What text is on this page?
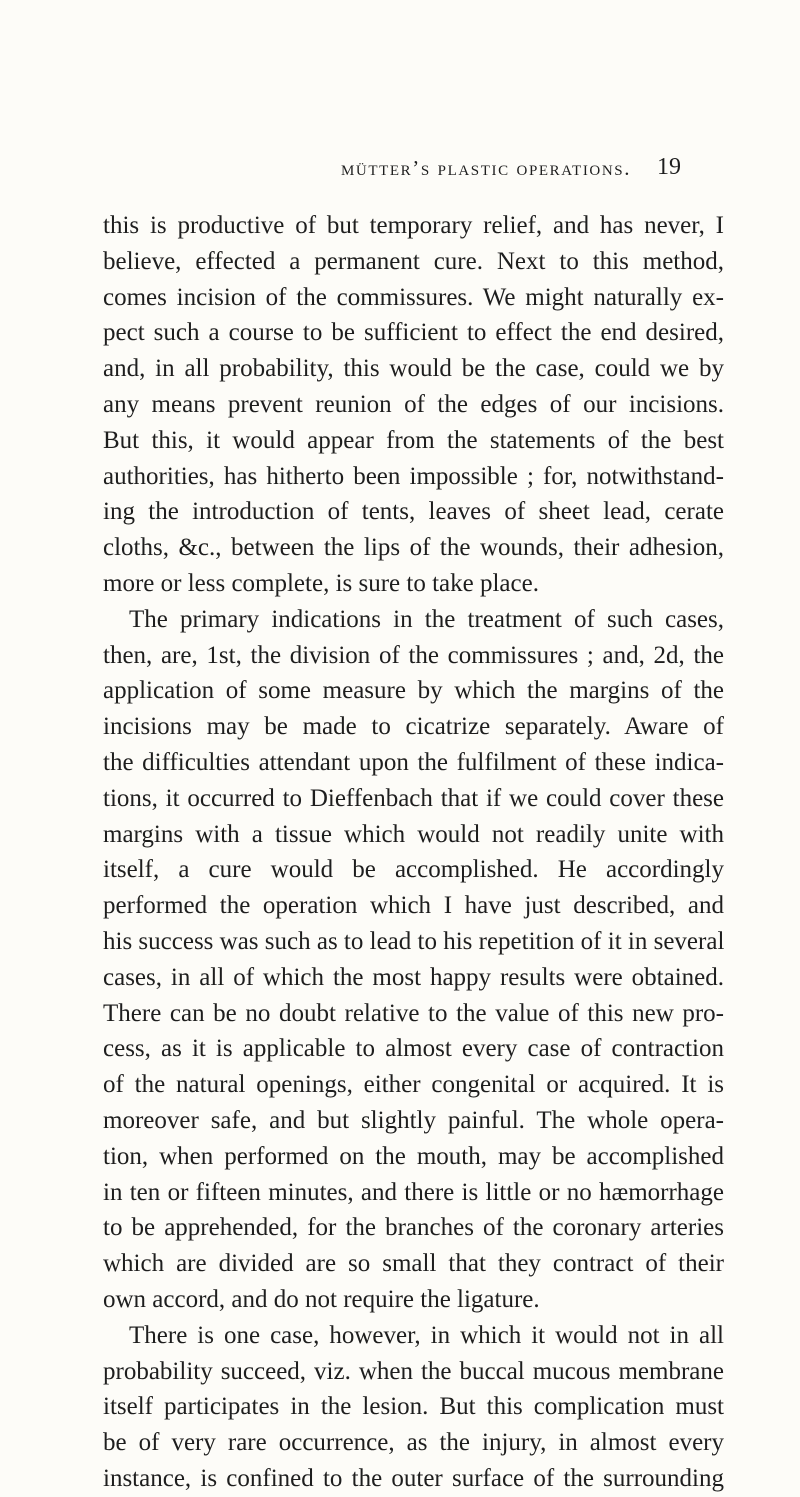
mütter’s plastic operations. 19
this is productive of but temporary relief, and has never, I
believe, effected a permanent cure. Next to this method,
comes incision of the commissures. We might naturally ex-
pect such a course to be sufficient to effect the end desired,
and, in all probability, this would be the case, could we by
any means prevent reunion of the edges of our incisions.
But this, it would appear from the statements of the best
authorities, has hitherto been impossible ; for, notwithstand-
ing the introduction of tents, leaves of sheet lead, cerate
cloths, &c., between the lips of the wounds, their adhesion,
more or less complete, is sure to take place.
The primary indications in the treatment of such cases,
then, are, 1st, the division of the commissures ; and, 2d, the
application of some measure by which the margins of the
incisions may be made to cicatrize separately. Aware of
the difficulties attendant upon the fulfilment of these indica-
tions, it occurred to Dieffenbach that if we could cover these
margins with a tissue which would not readily unite with
itself, a cure would be accomplished. He accordingly
performed the operation which I have just described, and
his success was such as to lead to his repetition of it in several
cases, in all of which the most happy results were obtained.
There can be no doubt relative to the value of this new pro-
cess, as it is applicable to almost every case of contraction
of the natural openings, either congenital or acquired. It is
moreover safe, and but slightly painful. The whole opera-
tion, when performed on the mouth, may be accomplished
in ten or fifteen minutes, and there is little or no hæmorrhage
to be apprehended, for the branches of the coronary arteries
which are divided are so small that they contract of their
own accord, and do not require the ligature.
There is one case, however, in which it would not in all
probability succeed, viz. when the buccal mucous membrane
itself participates in the lesion. But this complication must
be of very rare occurrence, as the injury, in almost every
instance, is confined to the outer surface of the surrounding
